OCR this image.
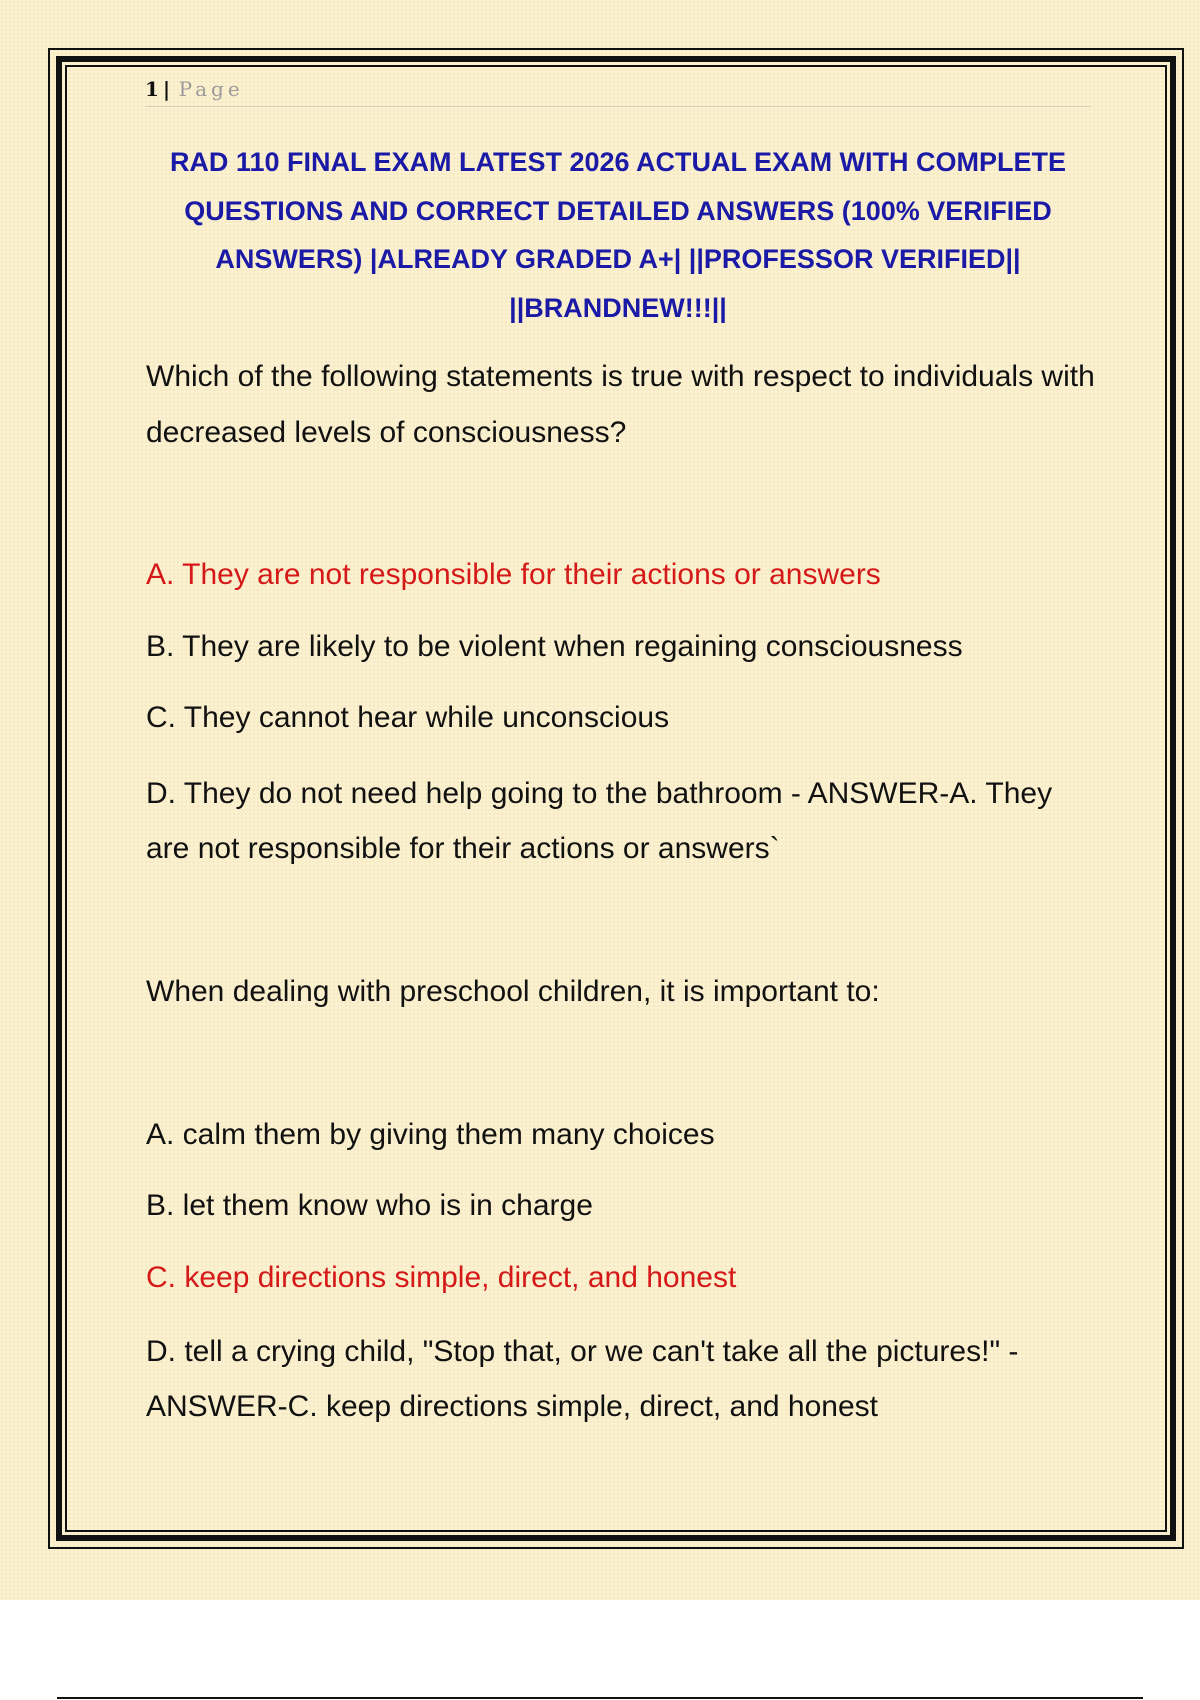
1 | Page
RAD 110 FINAL EXAM LATEST 2026 ACTUAL EXAM WITH COMPLETE QUESTIONS AND CORRECT DETAILED ANSWERS (100% VERIFIED ANSWERS) |ALREADY GRADED A+| ||PROFESSOR VERIFIED|| ||BRANDNEW!!!||
Which of the following statements is true with respect to individuals with decreased levels of consciousness?
A. They are not responsible for their actions or answers
B. They are likely to be violent when regaining consciousness
C. They cannot hear while unconscious
D. They do not need help going to the bathroom - ANSWER-A. They are not responsible for their actions or answers`
When dealing with preschool children, it is important to:
A. calm them by giving them many choices
B. let them know who is in charge
C. keep directions simple, direct, and honest
D. tell a crying child, "Stop that, or we can't take all the pictures!" - ANSWER-C. keep directions simple, direct, and honest
